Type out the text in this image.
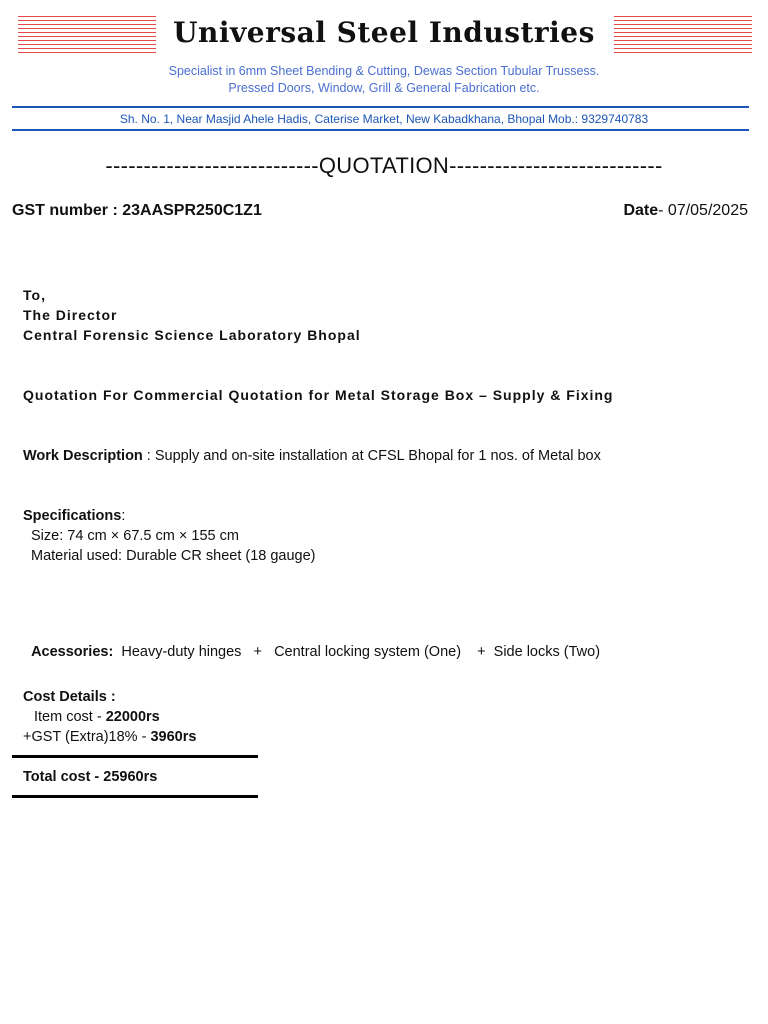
Universal Steel Industries
Specialist in 6mm Sheet Bending & Cutting, Dewas Section Tubular Trussess.
Pressed Doors, Window, Grill & General Fabrication etc.
Sh. No. 1, Near Masjid Ahele Hadis, Caterise Market, New Kabadkhana, Bhopal Mob.: 9329740783
----------------------------QUOTATION----------------------------
GST number : 23AASPR250C1Z1	Date- 07/05/2025
To,
The Director
Central Forensic Science Laboratory Bhopal
Quotation For Commercial Quotation for Metal Storage Box – Supply & Fixing
Work Description : Supply and on-site installation at CFSL Bhopal for 1 nos. of Metal box
Specifications:
Size: 74 cm × 67.5 cm × 155 cm
Material used: Durable CR sheet (18 gauge)

Acessories: Heavy-duty hinges   +   Central locking system (One)    +  Side locks (Two)

Cost Details :
Item cost - 22000rs
+GST (Extra)18% - 3960rs
Total cost - 25960rs
